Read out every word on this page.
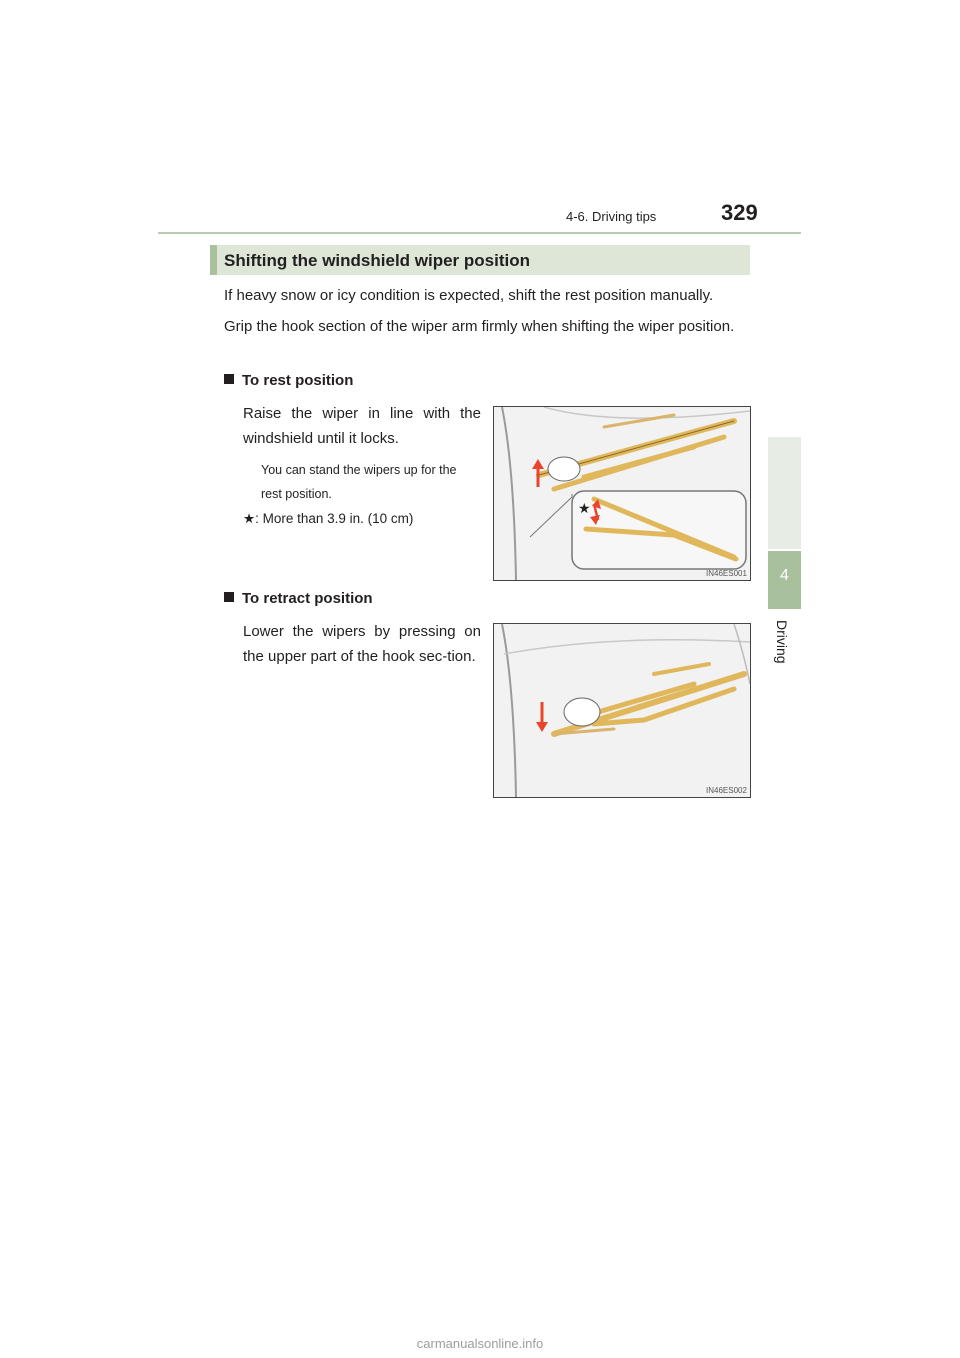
4-6. Driving tips	329
4
Driving
Shifting the windshield wiper position
If heavy snow or icy condition is expected, shift the rest position manually.
Grip the hook section of the wiper arm firmly when shifting the wiper position.
To rest position
Raise the wiper in line with the windshield until it locks.
You can stand the wipers up for the rest position.
★: More than 3.9 in. (10 cm)
★
IN46ES001
To retract position
Lower the wipers by pressing on the upper part of the hook sec-tion.
IN46ES002
carmanualsonline.info
